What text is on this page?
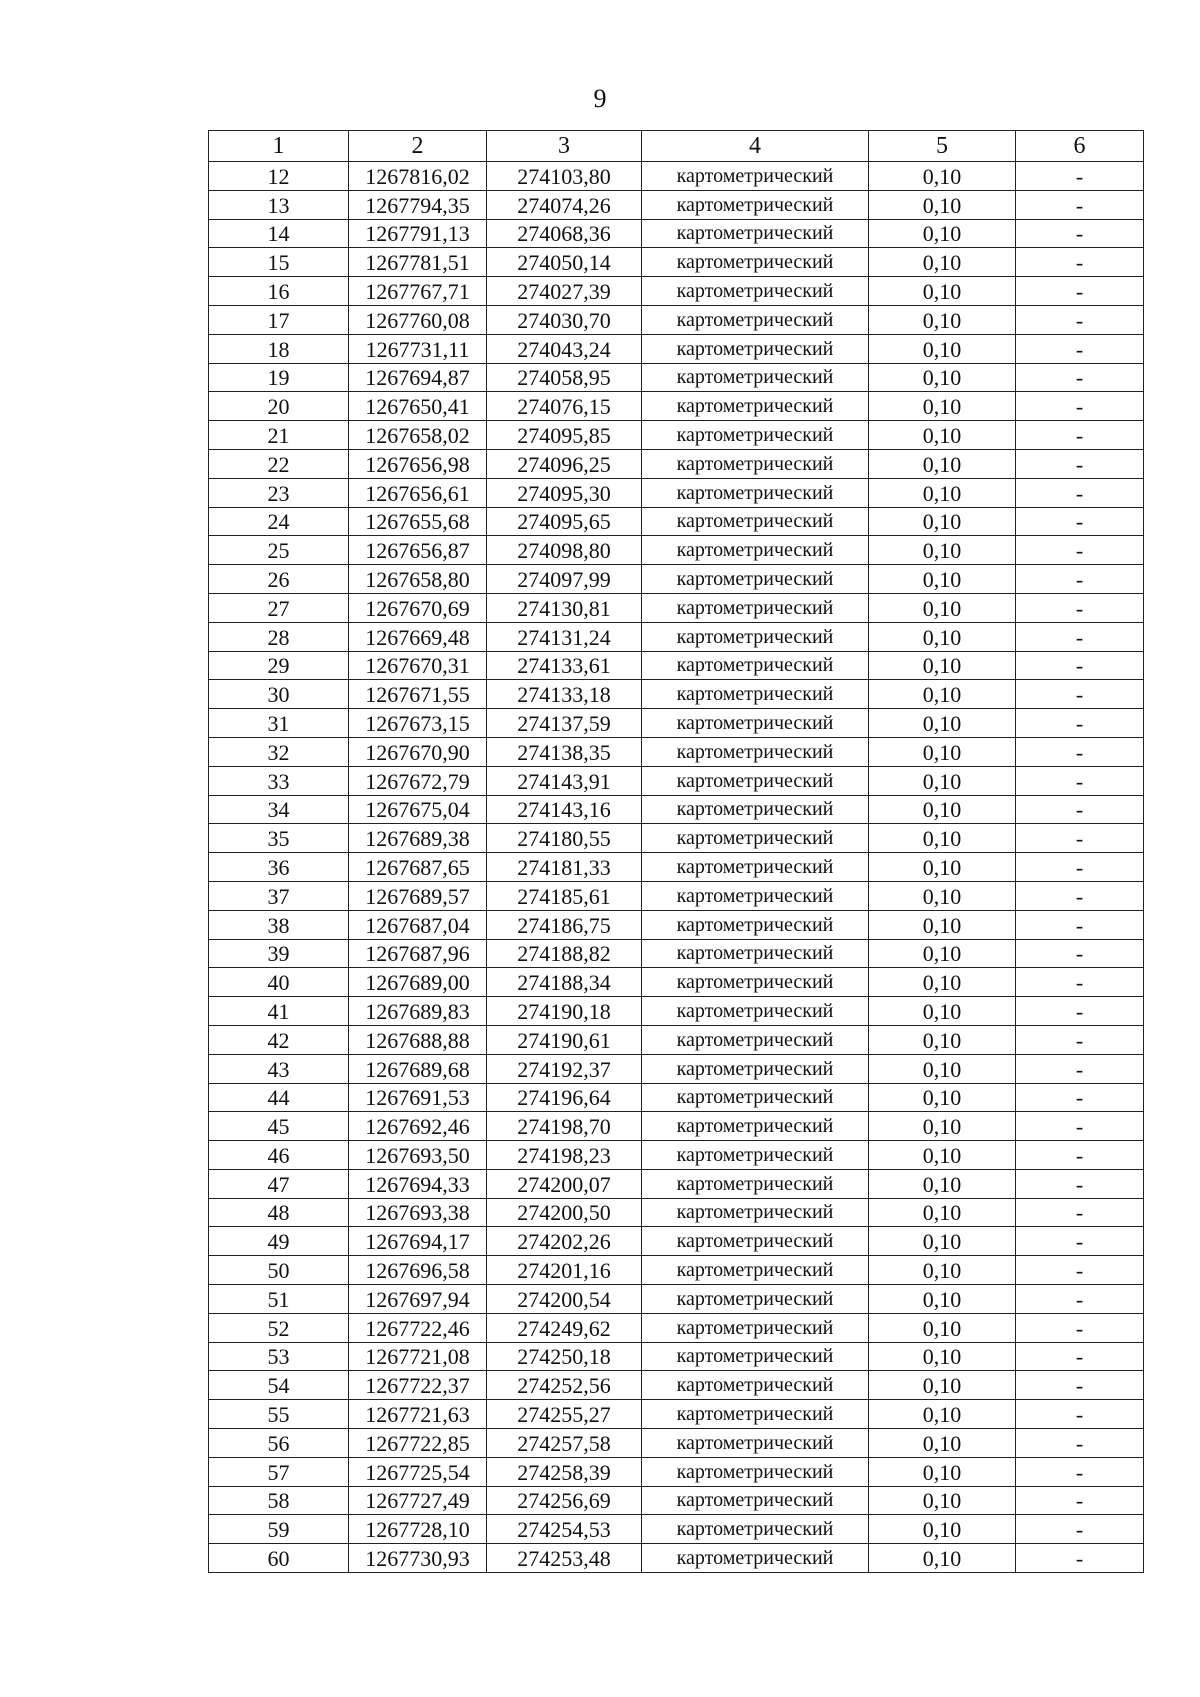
9
1	2	3	4	5	6
12	1267816,02	274103,80	картометрический	0,10	-
13	1267794,35	274074,26	картометрический	0,10	-
14	1267791,13	274068,36	картометрический	0,10	-
15	1267781,51	274050,14	картометрический	0,10	-
16	1267767,71	274027,39	картометрический	0,10	-
17	1267760,08	274030,70	картометрический	0,10	-
18	1267731,11	274043,24	картометрический	0,10	-
19	1267694,87	274058,95	картометрический	0,10	-
20	1267650,41	274076,15	картометрический	0,10	-
21	1267658,02	274095,85	картометрический	0,10	-
22	1267656,98	274096,25	картометрический	0,10	-
23	1267656,61	274095,30	картометрический	0,10	-
24	1267655,68	274095,65	картометрический	0,10	-
25	1267656,87	274098,80	картометрический	0,10	-
26	1267658,80	274097,99	картометрический	0,10	-
27	1267670,69	274130,81	картометрический	0,10	-
28	1267669,48	274131,24	картометрический	0,10	-
29	1267670,31	274133,61	картометрический	0,10	-
30	1267671,55	274133,18	картометрический	0,10	-
31	1267673,15	274137,59	картометрический	0,10	-
32	1267670,90	274138,35	картометрический	0,10	-
33	1267672,79	274143,91	картометрический	0,10	-
34	1267675,04	274143,16	картометрический	0,10	-
35	1267689,38	274180,55	картометрический	0,10	-
36	1267687,65	274181,33	картометрический	0,10	-
37	1267689,57	274185,61	картометрический	0,10	-
38	1267687,04	274186,75	картометрический	0,10	-
39	1267687,96	274188,82	картометрический	0,10	-
40	1267689,00	274188,34	картометрический	0,10	-
41	1267689,83	274190,18	картометрический	0,10	-
42	1267688,88	274190,61	картометрический	0,10	-
43	1267689,68	274192,37	картометрический	0,10	-
44	1267691,53	274196,64	картометрический	0,10	-
45	1267692,46	274198,70	картометрический	0,10	-
46	1267693,50	274198,23	картометрический	0,10	-
47	1267694,33	274200,07	картометрический	0,10	-
48	1267693,38	274200,50	картометрический	0,10	-
49	1267694,17	274202,26	картометрический	0,10	-
50	1267696,58	274201,16	картометрический	0,10	-
51	1267697,94	274200,54	картометрический	0,10	-
52	1267722,46	274249,62	картометрический	0,10	-
53	1267721,08	274250,18	картометрический	0,10	-
54	1267722,37	274252,56	картометрический	0,10	-
55	1267721,63	274255,27	картометрический	0,10	-
56	1267722,85	274257,58	картометрический	0,10	-
57	1267725,54	274258,39	картометрический	0,10	-
58	1267727,49	274256,69	картометрический	0,10	-
59	1267728,10	274254,53	картометрический	0,10	-
60	1267730,93	274253,48	картометрический	0,10	-
